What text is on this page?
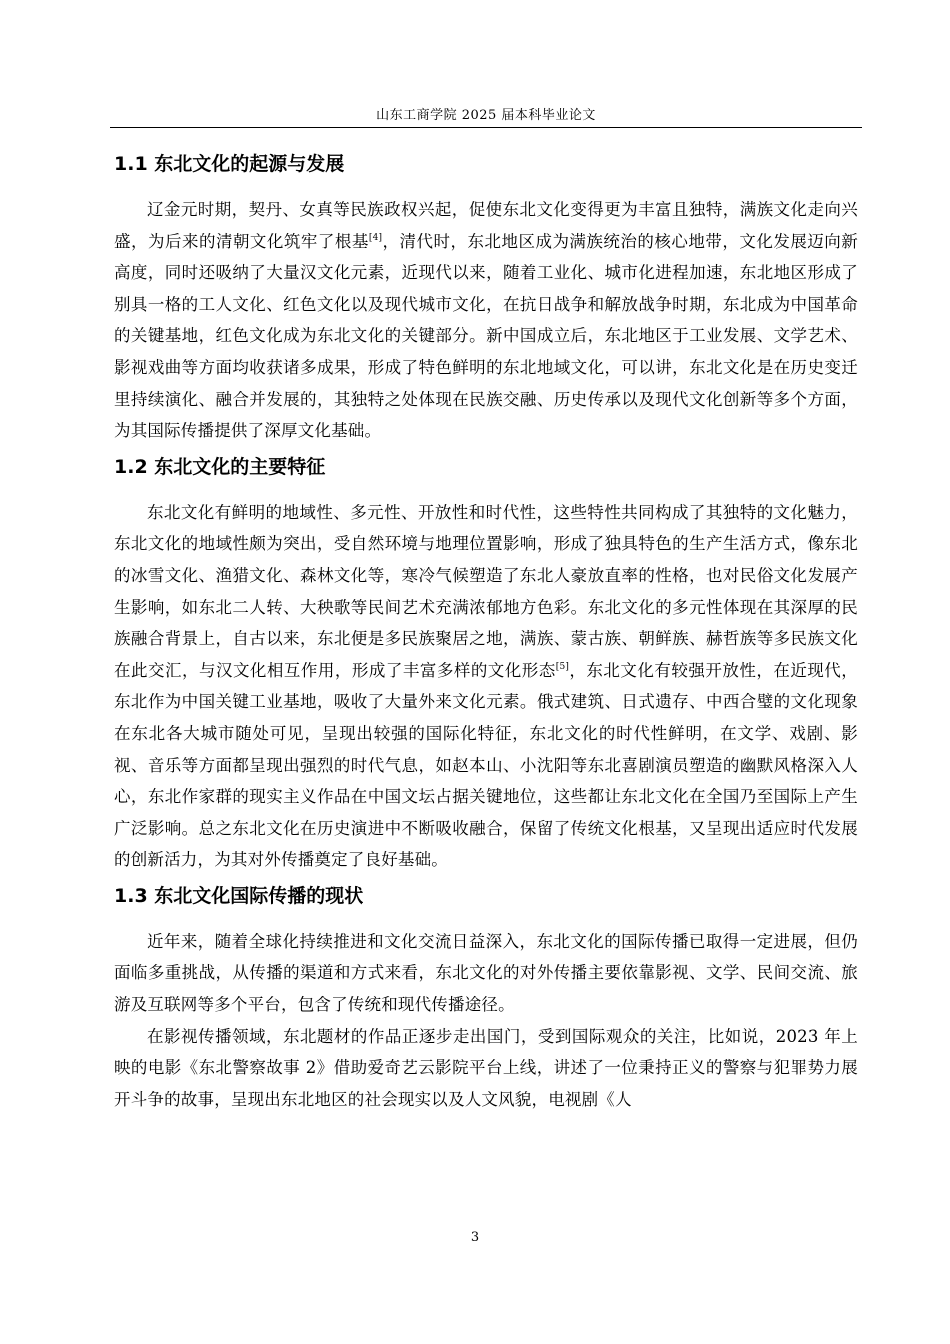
山东工商学院 2025 届本科毕业论文
1.1 东北文化的起源与发展

辽金元时期，契丹、女真等民族政权兴起，促使东北文化变得更为丰富且独特，满族文化走向兴盛，为后来的清朝文化筑牢了根基[4]，清代时，东北地区成为满族统治的核心地带，文化发展迈向新高度，同时还吸纳了大量汉文化元素，近现代以来，随着工业化、城市化进程加速，东北地区形成了别具一格的工人文化、红色文化以及现代城市文化，在抗日战争和解放战争时期，东北成为中国革命的关键基地，红色文化成为东北文化的关键部分。新中国成立后，东北地区于工业发展、文学艺术、影视戏曲等方面均收获诸多成果，形成了特色鲜明的东北地域文化，可以讲，东北文化是在历史变迁里持续演化、融合并发展的，其独特之处体现在民族交融、历史传承以及现代文化创新等多个方面，为其国际传播提供了深厚文化基础。

1.2 东北文化的主要特征

东北文化有鲜明的地域性、多元性、开放性和时代性，这些特性共同构成了其独特的文化魅力，东北文化的地域性颇为突出，受自然环境与地理位置影响，形成了独具特色的生产生活方式，像东北的冰雪文化、渔猎文化、森林文化等，寒冷气候塑造了东北人豪放直率的性格，也对民俗文化发展产生影响，如东北二人转、大秧歌等民间艺术充满浓郁地方色彩。东北文化的多元性体现在其深厚的民族融合背景上，自古以来，东北便是多民族聚居之地，满族、蒙古族、朝鲜族、赫哲族等多民族文化在此交汇，与汉文化相互作用，形成了丰富多样的文化形态[5]，东北文化有较强开放性，在近现代，东北作为中国关键工业基地，吸收了大量外来文化元素。俄式建筑、日式遗存、中西合璧的文化现象在东北各大城市随处可见，呈现出较强的国际化特征，东北文化的时代性鲜明，在文学、戏剧、影视、音乐等方面都呈现出强烈的时代气息，如赵本山、小沈阳等东北喜剧演员塑造的幽默风格深入人心，东北作家群的现实主义作品在中国文坛占据关键地位，这些都让东北文化在全国乃至国际上产生广泛影响。总之东北文化在历史演进中不断吸收融合，保留了传统文化根基，又呈现出适应时代发展的创新活力，为其对外传播奠定了良好基础。

1.3 东北文化国际传播的现状

近年来，随着全球化持续推进和文化交流日益深入，东北文化的国际传播已取得一定进展，但仍面临多重挑战，从传播的渠道和方式来看，东北文化的对外传播主要依靠影视、文学、民间交流、旅游及互联网等多个平台，包含了传统和现代传播途径。

在影视传播领域，东北题材的作品正逐步走出国门，受到国际观众的关注，比如说，2023 年上映的电影《东北警察故事 2》借助爱奇艺云影院平台上线，讲述了一位秉持正义的警察与犯罪势力展开斗争的故事，呈现出东北地区的社会现实以及人文风貌，电视剧《人

3
